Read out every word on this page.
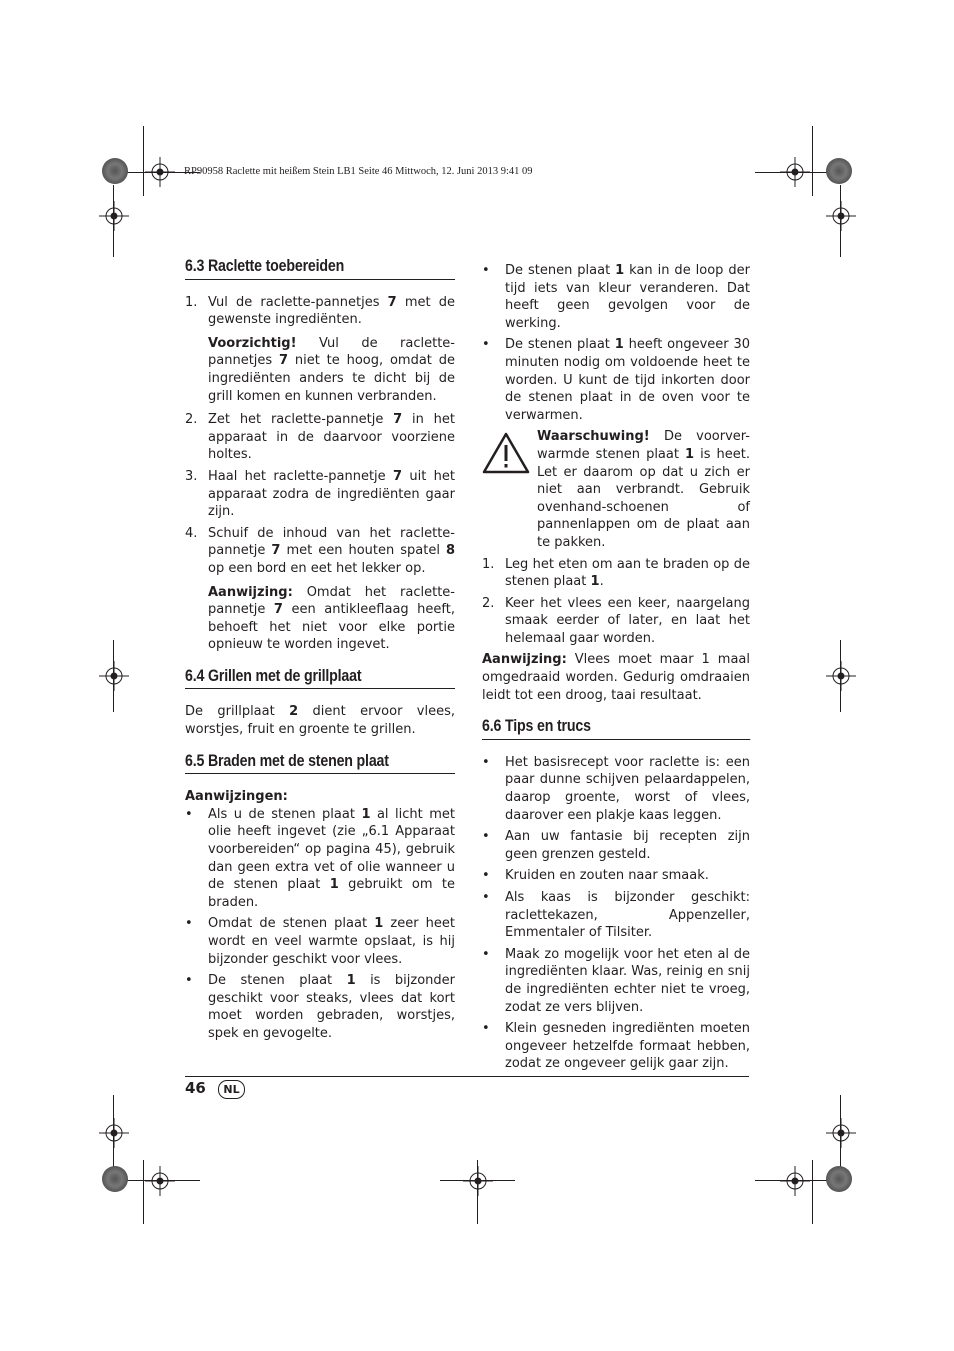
RP90958 Raclette mit heißem Stein LB1 Seite 46 Mittwoch, 12. Juni 2013 9:41 09
6.3 Raclette toebereiden
1. Vul de raclette-pannetjes 7 met de gewenste ingrediënten.

Voorzichtig! Vul de raclette-pannetjes 7 niet te hoog, omdat de ingrediënten anders te dicht bij de grill komen en kunnen verbranden.

2. Zet het raclette-pannetje 7 in het apparaat in de daarvoor voorziene holtes.
3. Haal het raclette-pannetje 7 uit het apparaat zodra de ingrediënten gaar zijn.
4. Schuif de inhoud van het raclette-pannetje 7 met een houten spatel 8 op een bord en eet het lekker op.

Aanwijzing: Omdat het raclette-pannetje 7 een antikleeflaag heeft, behoeft het niet voor elke portie opnieuw te worden ingevet.

6.4 Grillen met de grillplaat

De grillplaat 2 dient ervoor vlees, worstjes, fruit en groente te grillen.

6.5 Braden met de stenen plaat

Aanwijzingen:

• Als u de stenen plaat 1 al licht met olie heeft ingevet (zie „6.1 Apparaat voorbereiden“ op pagina 45), gebruik dan geen extra vet of olie wanneer u de stenen plaat 1 gebruikt om te braden.
• Omdat de stenen plaat 1 zeer heet wordt en veel warmte opslaat, is hij bijzonder geschikt voor vlees.
• De stenen plaat 1 is bijzonder geschikt voor steaks, vlees dat kort moet worden gebraden, worstjes, spek en gevogelte.
• De stenen plaat 1 kan in de loop der tijd iets van kleur veranderen. Dat heeft geen gevolgen voor de werking.
• De stenen plaat 1 heeft ongeveer 30 minuten nodig om voldoende heet te worden. U kunt de tijd inkorten door de stenen plaat in de oven voor te verwarmen.

Waarschuwing! De voorver-warmde stenen plaat 1 is heet. Let er daarom op dat u zich er niet aan verbrandt. Gebruik ovenhand-schoenen of pannenlappen om de plaat aan te pakken.

1. Leg het eten om aan te braden op de stenen plaat 1.
2. Keer het vlees een keer, naargelang smaak eerder of later, en laat het helemaal gaar worden.

Aanwijzing: Vlees moet maar 1 maal omgedraaid worden. Gedurig omdraaien leidt tot een droog, taai resultaat.

6.6 Tips en trucs
• Het basisrecept voor raclette is: een paar dunne schijven pelaardappelen, daarop groente, worst of vlees, daarover een plakje kaas leggen.
• Aan uw fantasie bij recepten zijn geen grenzen gesteld.
• Kruiden en zouten naar smaak.
• Als kaas is bijzonder geschikt: raclettekazen, Appenzeller, Emmentaler of Tilsiter.
• Maak zo mogelijk voor het eten al de ingrediënten klaar. Was, reinig en snij de ingrediënten echter niet te vroeg, zodat ze vers blijven.
• Klein gesneden ingrediënten moeten ongeveer hetzelfde formaat hebben, zodat ze ongeveer gelijk gaar zijn.
46	NL
